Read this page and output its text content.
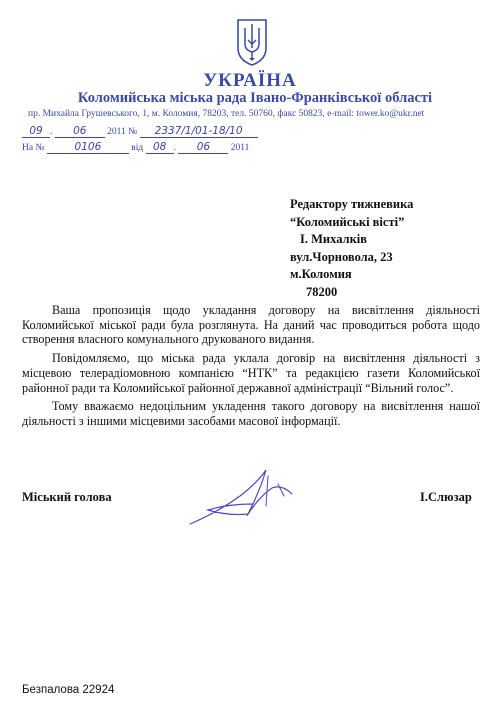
УКРАЇНА
Коломийська міська рада Івано-Франківської області
пр. Михайла Грушевського, 1, м. Коломия, 78203, тел. 50760, факс 50823, e-mail: tower.ko@ukr.net
09 . 06 2011 № 2337/1/01-18/10
На №	0106	від 08 . 06 2011
Редактору тижневика
“Коломийські вісті”
І. Михалків
вул.Чорновола, 23
м.Коломия
78200

Ваша пропозиція щодо укладання договору на висвітлення діяльності Коломийської міської ради була розглянута. На даний час проводиться робота щодо створення власного комунального друкованого видання.

Повідомляємо, що міська рада уклала договір на висвітлення діяльності з місцевою телерадіомовною компанією “НТК” та редакцією газети Коломийської районної ради та Коломийської районної державної адміністрації “Вільний голос”.

Тому вважаємо недоцільним укладення такого договору на висвітлення нашої діяльності з іншими місцевими засобами масової інформації.

Міський голова	І.Слюзар
Безпалова 22924
